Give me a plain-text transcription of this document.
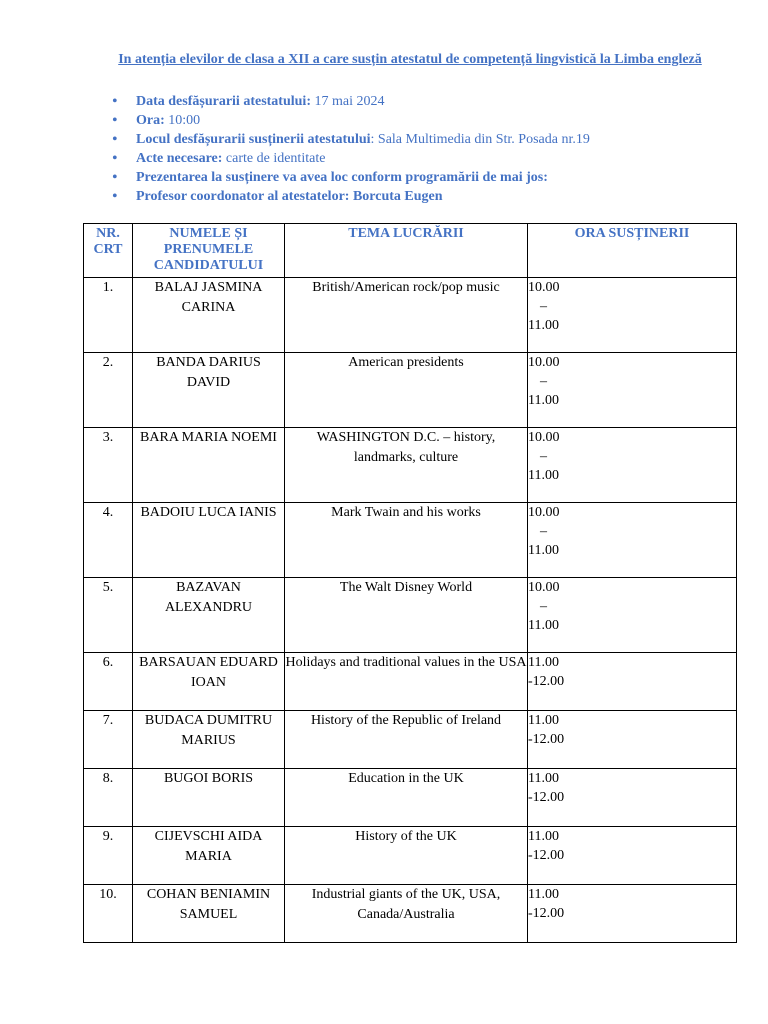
In atenția elevilor de clasa a XII a care susțin atestatul de competență lingvistică la Limba engleză
• Data desfășurarii atestatului: 17 mai 2024
• Ora: 10:00
• Locul desfășurarii susținerii atestatului: Sala Multimedia din Str. Posada nr.19
• Acte necesare: carte de identitate
• Prezentarea la susținere va avea loc conform programării de mai jos:
• Profesor coordonator al atestatelor: Borcuta Eugen
NR. CRT	NUMELE ȘI PRENUMELE CANDIDATULUI	TEMA LUCRĂRII	ORA SUSȚINERII
1.	BALAJ JASMINA CARINA	British/American rock/pop music	10.00
–
11.00

2.	BANDA DARIUS DAVID	American presidents	10.00
–
11.00

3.	BARA MARIA NOEMI	WASHINGTON D.C. – history, landmarks, culture	10.00
–
11.00

4.	BADOIU LUCA IANIS	Mark Twain and his works	10.00
–
11.00

5.	BAZAVAN ALEXANDRU	The Walt Disney World	10.00
–
11.00

6.	BARSAUAN EDUARD IOAN	Holidays and traditional values in the USA	11.00
-12.00

7.	BUDACA DUMITRU MARIUS	History of the Republic of Ireland	11.00
-12.00

8.	BUGOI BORIS	Education in the UK	11.00
-12.00

9.	CIJEVSCHI AIDA MARIA	History of the UK	11.00
-12.00

10.	COHAN BENIAMIN SAMUEL	Industrial giants of the UK, USA, Canada/Australia	11.00
-12.00
